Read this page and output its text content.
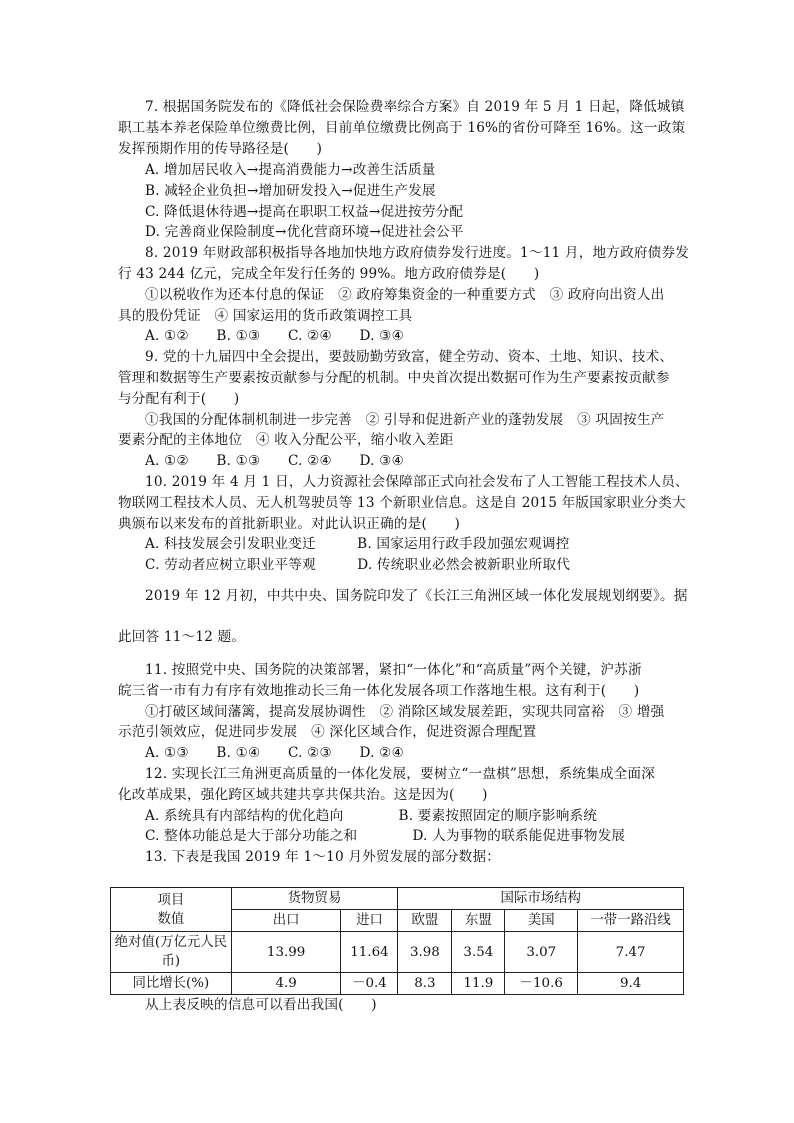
7. 根据国务院发布的《降低社会保险费率综合方案》自 2019 年 5 月 1 日起，降低城镇
职工基本养老保险单位缴费比例，目前单位缴费比例高于 16%的省份可降至 16%。这一政策
发挥预期作用的传导路径是(　　)
A. 增加居民收入→提高消费能力→改善生活质量
B. 减轻企业负担→增加研发投入→促进生产发展
C. 降低退休待遇→提高在职职工权益→促进按劳分配
D. 完善商业保险制度→优化营商环境→促进社会公平
8. 2019 年财政部积极指导各地加快地方政府债券发行进度。1～11 月，地方政府债券发
行 43 244 亿元，完成全年发行任务的 99%。地方政府债券是(　　)
①以税收作为还本付息的保证　② 政府筹集资金的一种重要方式　③ 政府向出资人出
具的股份凭证　④ 国家运用的货币政策调控工具
A. ①②　　B. ①③　　C. ②④　　D. ③④
9. 党的十九届四中全会提出，要鼓励勤劳致富，健全劳动、资本、土地、知识、技术、
管理和数据等生产要素按贡献参与分配的机制。中央首次提出数据可作为生产要素按贡献参
与分配有利于(　　)
①我国的分配体制机制进一步完善　② 引导和促进新产业的蓬勃发展　③ 巩固按生产
要素分配的主体地位　④ 收入分配公平，缩小收入差距
A. ①②　　B. ①③　　C. ②④　　D. ③④
10. 2019 年 4 月 1 日，人力资源社会保障部正式向社会发布了人工智能工程技术人员、
物联网工程技术人员、无人机驾驶员等 13 个新职业信息。这是自 2015 年版国家职业分类大
典颁布以来发布的首批新职业。对此认识正确的是(　　)
A. 科技发展会引发职业变迁　　　B. 国家运用行政手段加强宏观调控
C. 劳动者应树立职业平等观　　　D. 传统职业必然会被新职业所取代
2019 年 12 月初，中共中央、国务院印发了《长江三角洲区域一体化发展规划纲要》。据
此回答 11～12 题。
11. 按照党中央、国务院的决策部署，紧扣“一体化”和“高质量”两个关键，沪苏浙
皖三省一市有力有序有效地推动长三角一体化发展各项工作落地生根。这有利于(　　)
①打破区域间藩篱，提高发展协调性　② 消除区域发展差距，实现共同富裕　③ 增强
示范引领效应，促进同步发展　④ 深化区域合作，促进资源合理配置
A. ①③　　B. ①④　　C. ②③　　D. ②④
12. 实现长江三角洲更高质量的一体化发展，要树立“一盘棋”思想，系统集成全面深
化改革成果，强化跨区域共建共享共保共治。这是因为(　　)
A. 系统具有内部结构的优化趋向　　　　B. 要素按照固定的顺序影响系统
C. 整体功能总是大于部分功能之和　　　　D. 人为事物的联系能促进事物发展
13. 下表是我国 2019 年 1～10 月外贸发展的部分数据：
项目
数值	货物贸易		国际市场结构			
	出口	进口	欧盟	东盟	美国	一带一路沿线
绝对值(万亿元人民币)	13.99	11.64	3.98	3.54	3.07	7.47
同比增长(%)	4.9	－0.4	8.3	11.9	－10.6	9.4
从上表反映的信息可以看出我国(　　)
